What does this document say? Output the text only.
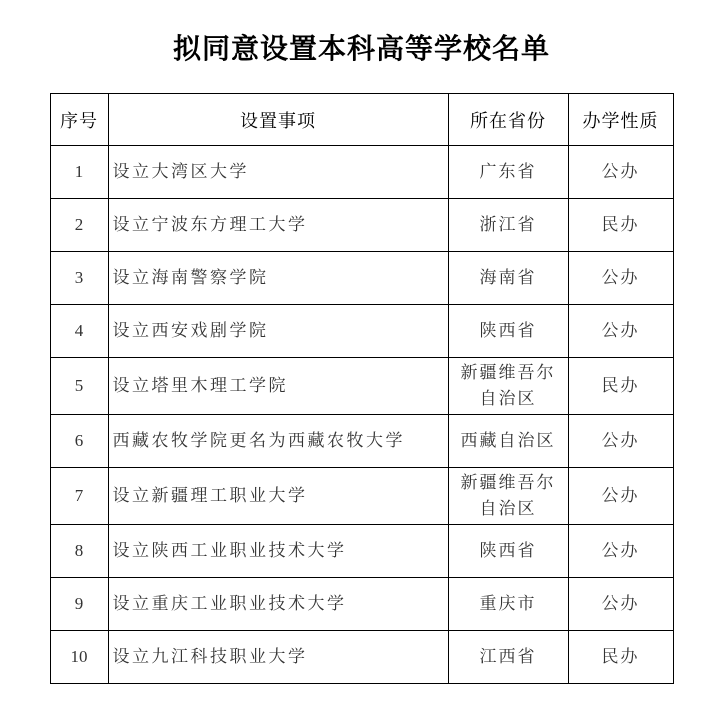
拟同意设置本科高等学校名单
序号	设置事项	所在省份	办学性质
1	设立大湾区大学	广东省	公办
2	设立宁波东方理工大学	浙江省	民办
3	设立海南警察学院	海南省	公办
4	设立西安戏剧学院	陕西省	公办
5	设立塔里木理工学院	新疆维吾尔自治区	民办
6	西藏农牧学院更名为西藏农牧大学	西藏自治区	公办
7	设立新疆理工职业大学	新疆维吾尔自治区	公办
8	设立陕西工业职业技术大学	陕西省	公办
9	设立重庆工业职业技术大学	重庆市	公办
10	设立九江科技职业大学	江西省	民办
